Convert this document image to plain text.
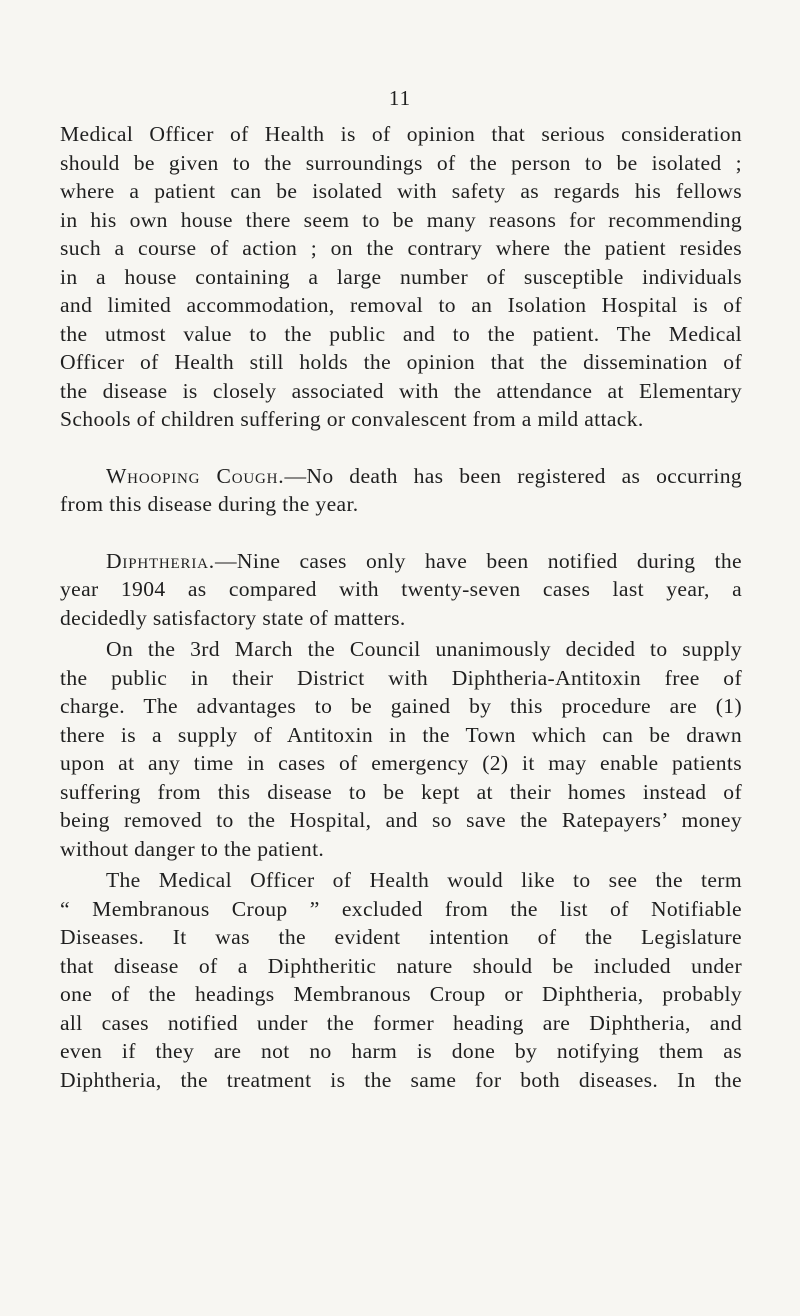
11

Medical Officer of Health is of opinion that serious consideration

should be given to the surroundings of the person to be isolated ;

where a patient can be isolated with safety as regards his fellows

in his own house there seem to be many reasons for recommending

such a course of action ; on the contrary where the patient resides

in a house containing a large number of susceptible individuals

and limited accommodation, removal to an Isolation Hospital is of

the utmost value to the public and to the patient. The Medical

Officer of Health still holds the opinion that the dissemination of

the disease is closely associated with the attendance at Elementary

Schools of children suffering or convalescent from a mild attack.

Whooping Cough.—No death has been registered as occurring

from this disease during the year.

Diphtheria.—Nine cases only have been notified during the

year 1904 as compared with twenty-seven cases last year, a

decidedly satisfactory state of matters.

On the 3rd March the Council unanimously decided to supply

the public in their District with Diphtheria-Antitoxin free of

charge. The advantages to be gained by this procedure are (1)

there is a supply of Antitoxin in the Town which can be drawn

upon at any time in cases of emergency (2) it may enable patients

suffering from this disease to be kept at their homes instead of

being removed to the Hospital, and so save the Ratepayers’ money

without danger to the patient.

The Medical Officer of Health would like to see the term

“ Membranous Croup ” excluded from the list of Notifiable

Diseases. It was the evident intention of the Legislature

that disease of a Diphtheritic nature should be included under

one of the headings Membranous Croup or Diphtheria, probably

all cases notified under the former heading are Diphtheria, and

even if they are not no harm is done by notifying them as

Diphtheria, the treatment is the same for both diseases. In the
